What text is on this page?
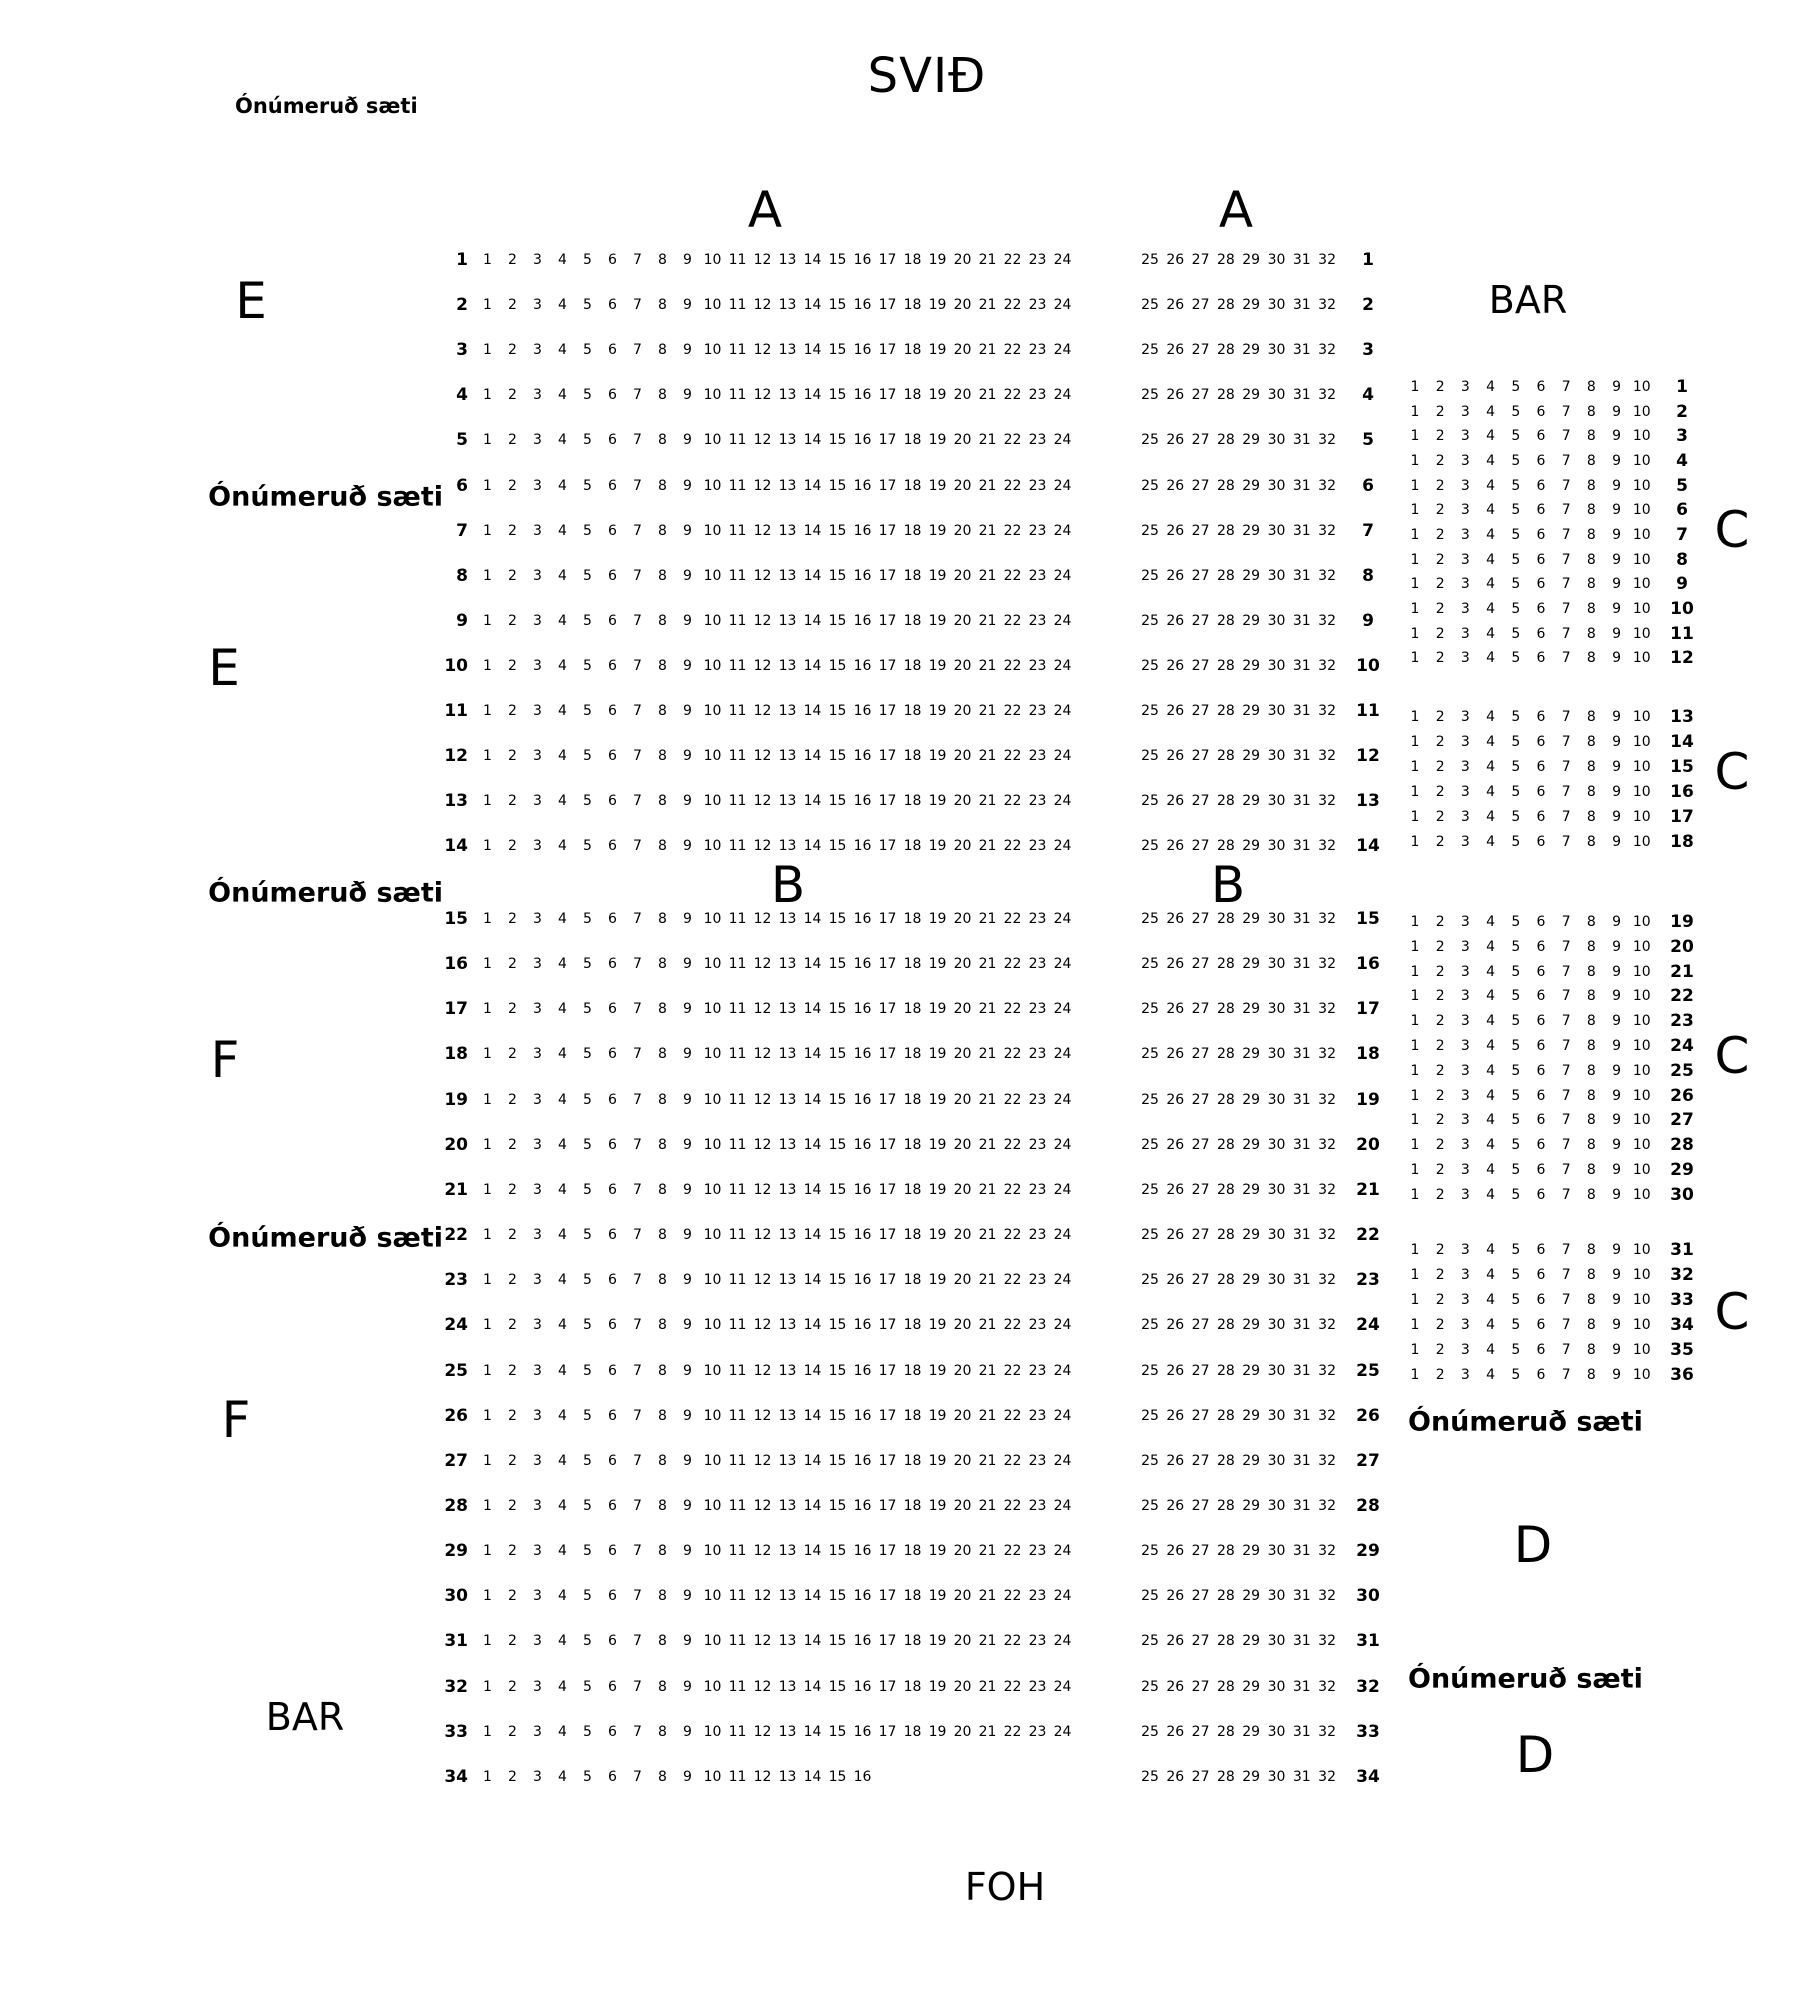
SVIÐ
Ónúmeruð sæti
Ónúmeruð sæti
Ónúmeruð sæti
Ónúmeruð sæti
Ónúmeruð sæti
Ónúmeruð sæti
A	A
B	B
E
E
F
F
C
C
C
C
D
D
BAR
BAR
FOH
1	1	2	3	4	5	6	7	8	9 10 11 12 13 14 15 16 17 18 19 20 21 22 23 24
2	1	2	3	4	5	6	7	8	9 10 11 12 13 14 15 16 17 18 19 20 21 22 23 24
3	1	2	3	4	5	6	7	8	9 10 11 12 13 14 15 16 17 18 19 20 21 22 23 24
4	1	2	3	4	5	6	7	8	9 10 11 12 13 14 15 16 17 18 19 20 21 22 23 24
5	1	2	3	4	5	6	7	8	9 10 11 12 13 14 15 16 17 18 19 20 21 22 23 24
6	1	2	3	4	5	6	7	8	9 10 11 12 13 14 15 16 17 18 19 20 21 22 23 24
7	1	2	3	4	5	6	7	8	9 10 11 12 13 14 15 16 17 18 19 20 21 22 23 24
8	1	2	3	4	5	6	7	8	9 10 11 12 13 14 15 16 17 18 19 20 21 22 23 24
9	1	2	3	4	5	6	7	8	9 10 11 12 13 14 15 16 17 18 19 20 21 22 23 24
10	1	2	3	4	5	6	7	8	9 10 11 12 13 14 15 16 17 18 19 20 21 22 23 24
11	1	2	3	4	5	6	7	8	9 10 11 12 13 14 15 16 17 18 19 20 21 22 23 24
12	1	2	3	4	5	6	7	8	9 10 11 12 13 14 15 16 17 18 19 20 21 22 23 24
13	1	2	3	4	5	6	7	8	9 10 11 12 13 14 15 16 17 18 19 20 21 22 23 24
14	1	2	3	4	5	6	7	8	9 10 11 12 13 14 15 16 17 18 19 20 21 22 23 24
15	1	2	3	4	5	6	7	8	9 10 11 12 13 14 15 16 17 18 19 20 21 22 23 24
16	1	2	3	4	5	6	7	8	9 10 11 12 13 14 15 16 17 18 19 20 21 22 23 24
17	1	2	3	4	5	6	7	8	9 10 11 12 13 14 15 16 17 18 19 20 21 22 23 24
18	1	2	3	4	5	6	7	8	9 10 11 12 13 14 15 16 17 18 19 20 21 22 23 24
19	1	2	3	4	5	6	7	8	9 10 11 12 13 14 15 16 17 18 19 20 21 22 23 24
20	1	2	3	4	5	6	7	8	9 10 11 12 13 14 15 16 17 18 19 20 21 22 23 24
21	1	2	3	4	5	6	7	8	9 10 11 12 13 14 15 16 17 18 19 20 21 22 23 24
22	1	2	3	4	5	6	7	8	9 10 11 12 13 14 15 16 17 18 19 20 21 22 23 24
23	1	2	3	4	5	6	7	8	9 10 11 12 13 14 15 16 17 18 19 20 21 22 23 24
24	1	2	3	4	5	6	7	8	9 10 11 12 13 14 15 16 17 18 19 20 21 22 23 24
25	1	2	3	4	5	6	7	8	9 10 11 12 13 14 15 16 17 18 19 20 21 22 23 24
26	1	2	3	4	5	6	7	8	9 10 11 12 13 14 15 16 17 18 19 20 21 22 23 24
27	1	2	3	4	5	6	7	8	9 10 11 12 13 14 15 16 17 18 19 20 21 22 23 24
28	1	2	3	4	5	6	7	8	9 10 11 12 13 14 15 16 17 18 19 20 21 22 23 24
29	1	2	3	4	5	6	7	8	9 10 11 12 13 14 15 16 17 18 19 20 21 22 23 24
30	1	2	3	4	5	6	7	8	9 10 11 12 13 14 15 16 17 18 19 20 21 22 23 24
31	1	2	3	4	5	6	7	8	9 10 11 12 13 14 15 16 17 18 19 20 21 22 23 24
32	1	2	3	4	5	6	7	8	9 10 11 12 13 14 15 16 17 18 19 20 21 22 23 24
33	1	2	3	4	5	6	7	8	9 10 11 12 13 14 15 16 17 18 19 20 21 22 23 24
34	1	2	3	4	5	6	7	8	9 10 11 12 13 14 15 16
25 26 27 28 29 30 31 32	1
25 26 27 28 29 30 31 32	2
25 26 27 28 29 30 31 32	3
25 26 27 28 29 30 31 32	4
25 26 27 28 29 30 31 32	5
25 26 27 28 29 30 31 32	6
25 26 27 28 29 30 31 32	7
25 26 27 28 29 30 31 32	8
25 26 27 28 29 30 31 32	9
25 26 27 28 29 30 31 32	10
25 26 27 28 29 30 31 32	11
25 26 27 28 29 30 31 32	12
25 26 27 28 29 30 31 32	13
25 26 27 28 29 30 31 32	14
25 26 27 28 29 30 31 32	15
25 26 27 28 29 30 31 32	16
25 26 27 28 29 30 31 32	17
25 26 27 28 29 30 31 32	18
25 26 27 28 29 30 31 32	19
25 26 27 28 29 30 31 32	20
25 26 27 28 29 30 31 32	21
25 26 27 28 29 30 31 32	22
25 26 27 28 29 30 31 32	23
25 26 27 28 29 30 31 32	24
25 26 27 28 29 30 31 32	25
25 26 27 28 29 30 31 32	26
25 26 27 28 29 30 31 32	27
25 26 27 28 29 30 31 32	28
25 26 27 28 29 30 31 32	29
25 26 27 28 29 30 31 32	30
25 26 27 28 29 30 31 32	31
25 26 27 28 29 30 31 32	32
25 26 27 28 29 30 31 32	33
25 26 27 28 29 30 31 32	34
1	2	3	4	5	6	7	8	9 10	1
1	2	3	4	5	6	7	8	9 10	2
1	2	3	4	5	6	7	8	9 10	3
1	2	3	4	5	6	7	8	9 10	4
1	2	3	4	5	6	7	8	9 10	5
1	2	3	4	5	6	7	8	9 10	6
1	2	3	4	5	6	7	8	9 10	7
1	2	3	4	5	6	7	8	9 10	8
1	2	3	4	5	6	7	8	9 10	9
1	2	3	4	5	6	7	8	9 10	10
1	2	3	4	5	6	7	8	9 10	11
1	2	3	4	5	6	7	8	9 10	12
1	2	3	4	5	6	7	8	9 10	13
1	2	3	4	5	6	7	8	9 10	14
1	2	3	4	5	6	7	8	9 10	15
1	2	3	4	5	6	7	8	9 10	16
1	2	3	4	5	6	7	8	9 10	17
1	2	3	4	5	6	7	8	9 10	18
1	2	3	4	5	6	7	8	9 10	19
1	2	3	4	5	6	7	8	9 10	20
1	2	3	4	5	6	7	8	9 10	21
1	2	3	4	5	6	7	8	9 10	22
1	2	3	4	5	6	7	8	9 10	23
1	2	3	4	5	6	7	8	9 10	24
1	2	3	4	5	6	7	8	9 10	25
1	2	3	4	5	6	7	8	9 10	26
1	2	3	4	5	6	7	8	9 10	27
1	2	3	4	5	6	7	8	9 10	28
1	2	3	4	5	6	7	8	9 10	29
1	2	3	4	5	6	7	8	9 10	30
1	2	3	4	5	6	7	8	9 10	31
1	2	3	4	5	6	7	8	9 10	32
1	2	3	4	5	6	7	8	9 10	33
1	2	3	4	5	6	7	8	9 10	34
1	2	3	4	5	6	7	8	9 10	35
1	2	3	4	5	6	7	8	9 10	36
